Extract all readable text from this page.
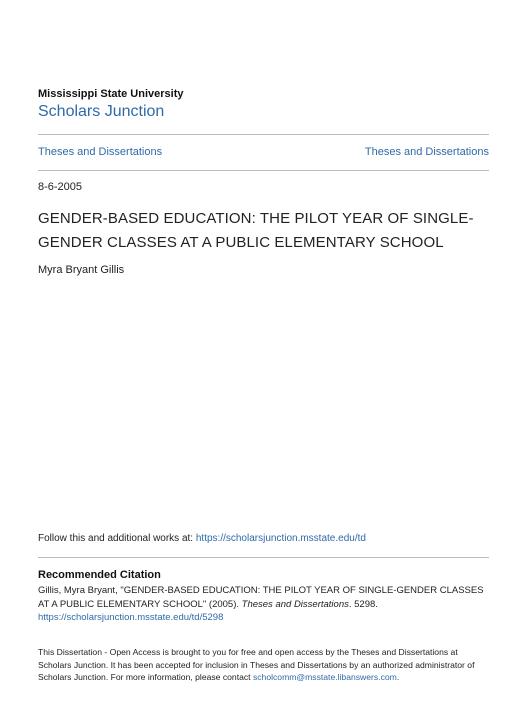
Mississippi State University
Scholars Junction
Theses and Dissertations	Theses and Dissertations
8-6-2005
GENDER-BASED EDUCATION: THE PILOT YEAR OF SINGLE-GENDER CLASSES AT A PUBLIC ELEMENTARY SCHOOL
Myra Bryant Gillis
Follow this and additional works at: https://scholarsjunction.msstate.edu/td
Recommended Citation
Gillis, Myra Bryant, "GENDER-BASED EDUCATION: THE PILOT YEAR OF SINGLE-GENDER CLASSES AT A PUBLIC ELEMENTARY SCHOOL" (2005). Theses and Dissertations. 5298.
https://scholarsjunction.msstate.edu/td/5298
This Dissertation - Open Access is brought to you for free and open access by the Theses and Dissertations at Scholars Junction. It has been accepted for inclusion in Theses and Dissertations by an authorized administrator of Scholars Junction. For more information, please contact scholcomm@msstate.libanswers.com.
